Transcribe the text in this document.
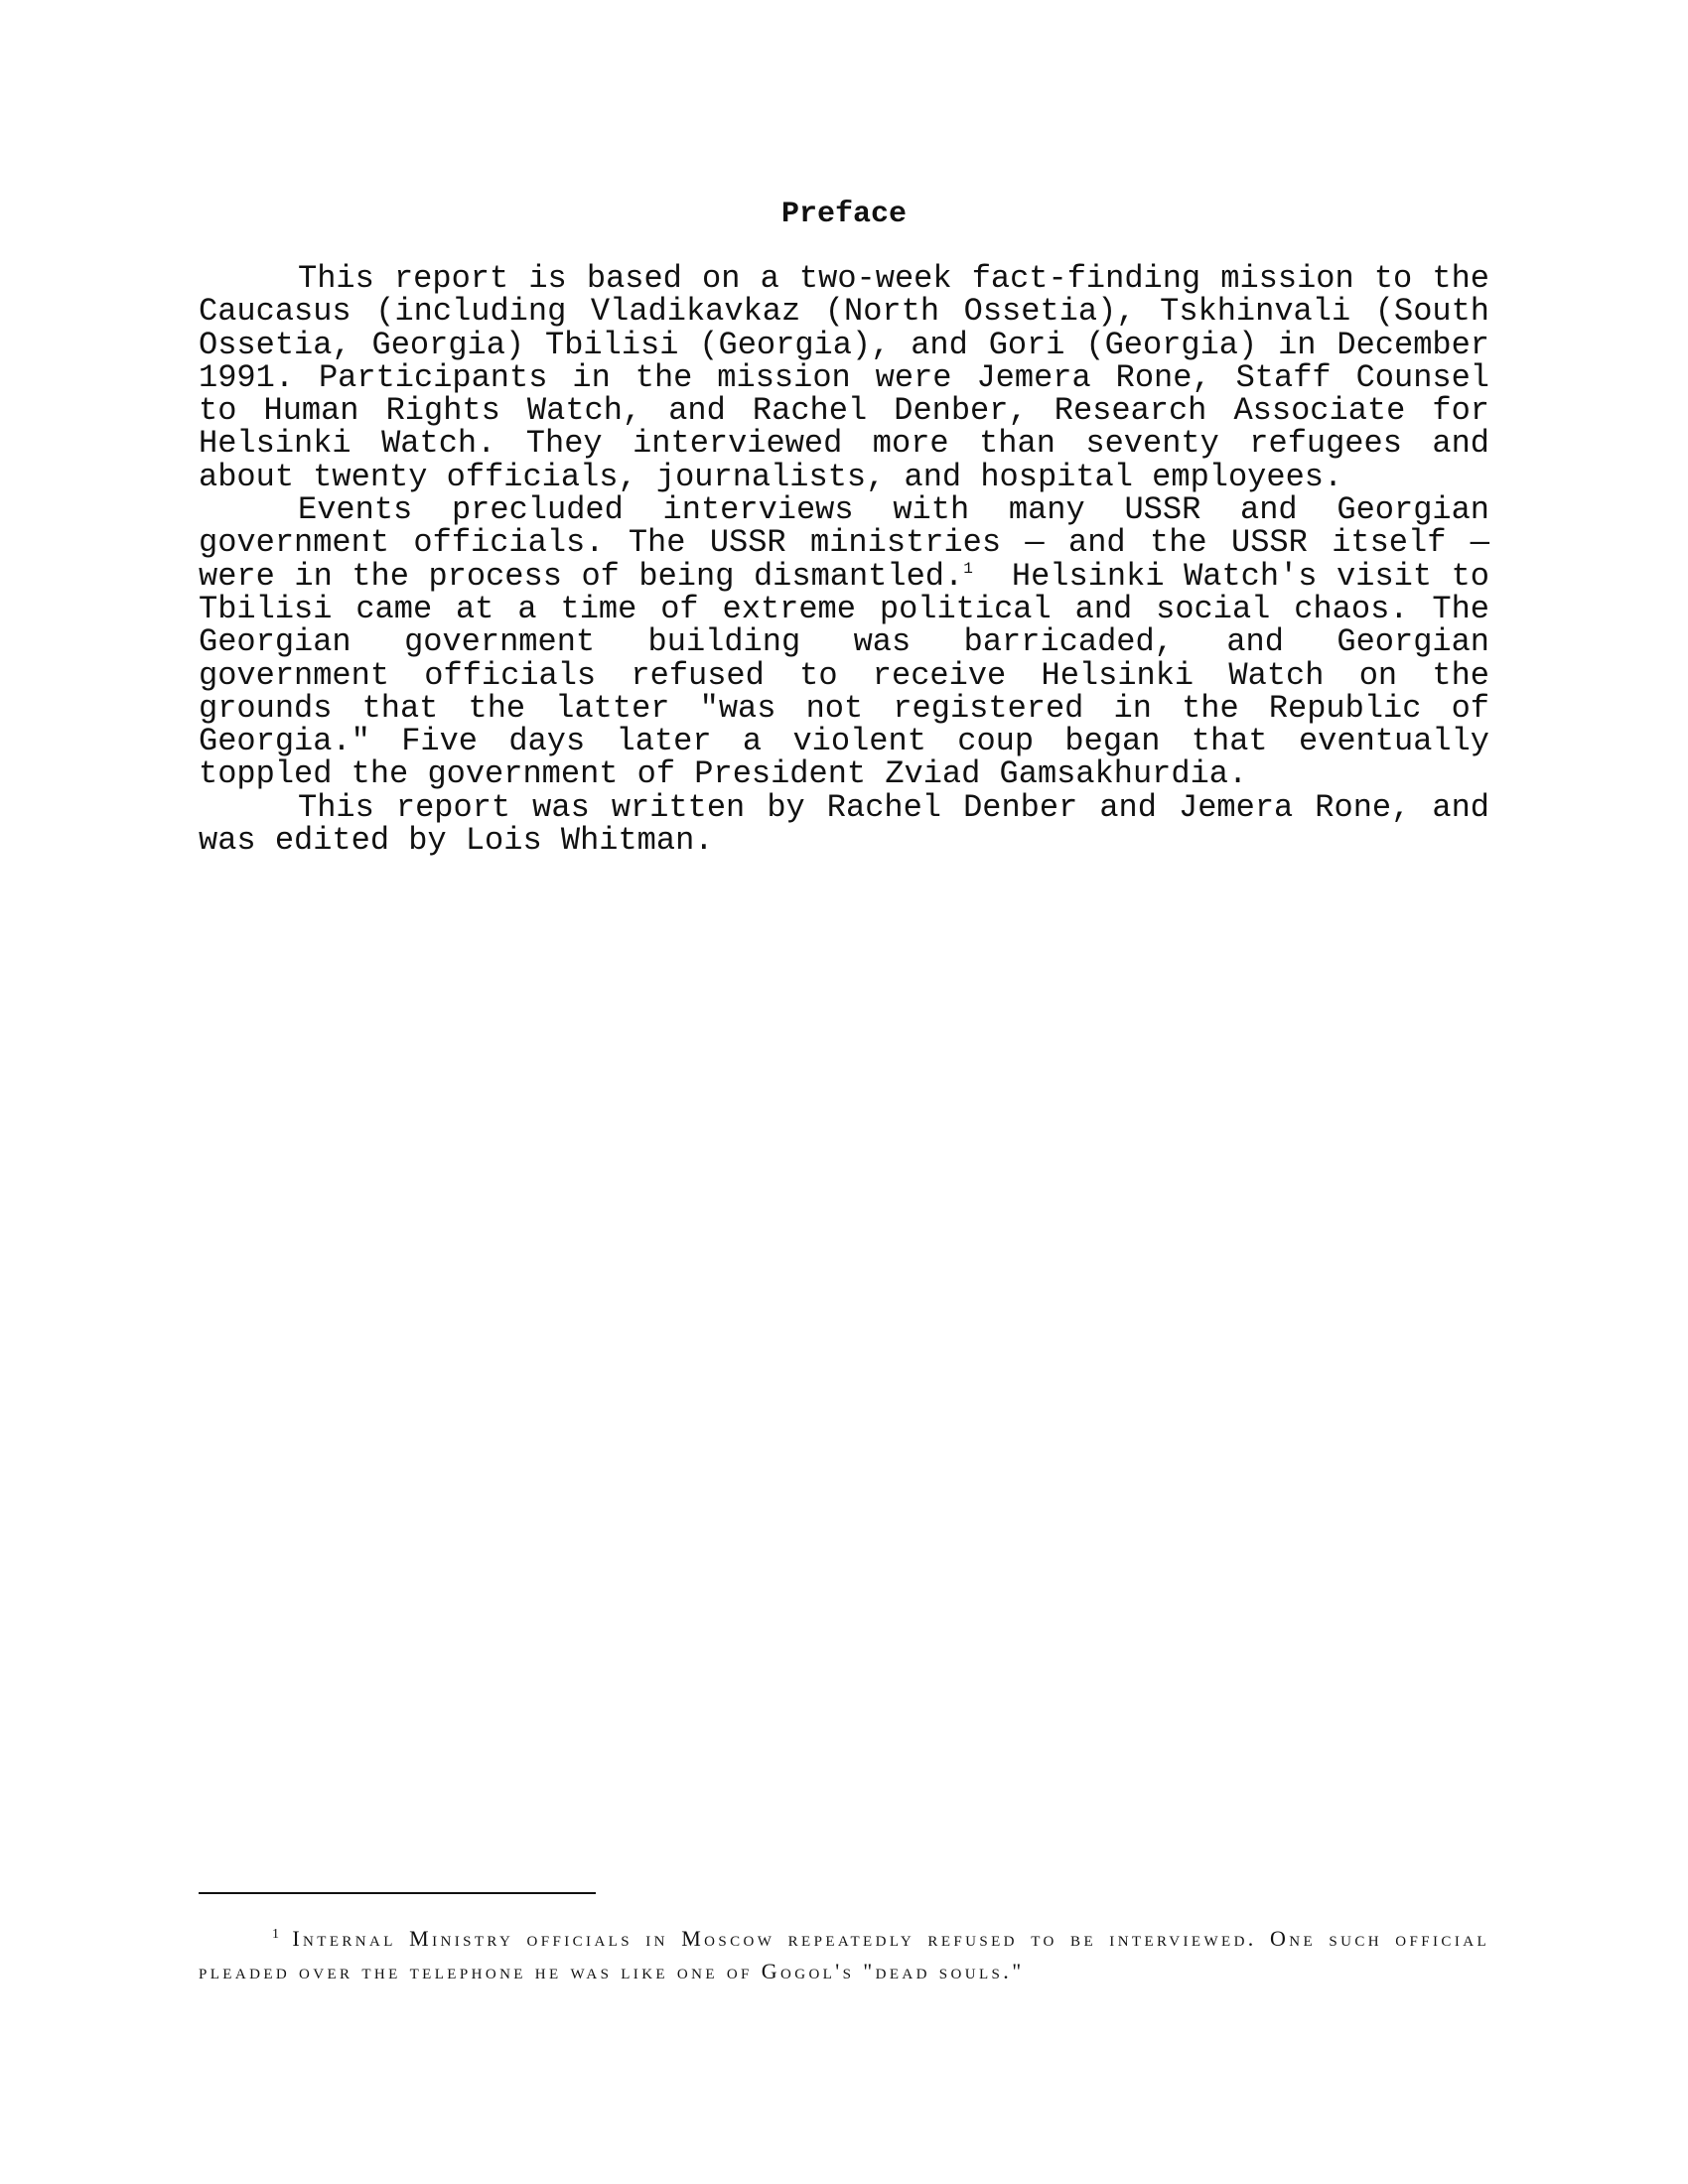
Preface

This report is based on a two-week fact-finding mission to the Caucasus (including Vladikavkaz (North Ossetia), Tskhinvali (South Ossetia, Georgia) Tbilisi (Georgia), and Gori (Georgia) in December 1991. Participants in the mission were Jemera Rone, Staff Counsel to Human Rights Watch, and Rachel Denber, Research Associate for Helsinki Watch. They interviewed more than seventy refugees and about twenty officials, journalists, and hospital employees.

Events precluded interviews with many USSR and Georgian government officials. The USSR ministries — and the USSR itself — were in the process of being dismantled.$^1$  Helsinki Watch's visit to Tbilisi came at a time of extreme political and social chaos. The Georgian government building was barricaded, and Georgian government officials refused to receive Helsinki Watch on the grounds that the latter "was not registered in the Republic of Georgia." Five days later a violent coup began that eventually toppled the government of President Zviad Gamsakhurdia.

This report was written by Rachel Denber and Jemera Rone, and was edited by Lois Whitman.

$^1$ Internal Ministry officials in Moscow repeatedly refused to be interviewed. One such official pleaded over the telephone he was like one of Gogol's "dead souls."
